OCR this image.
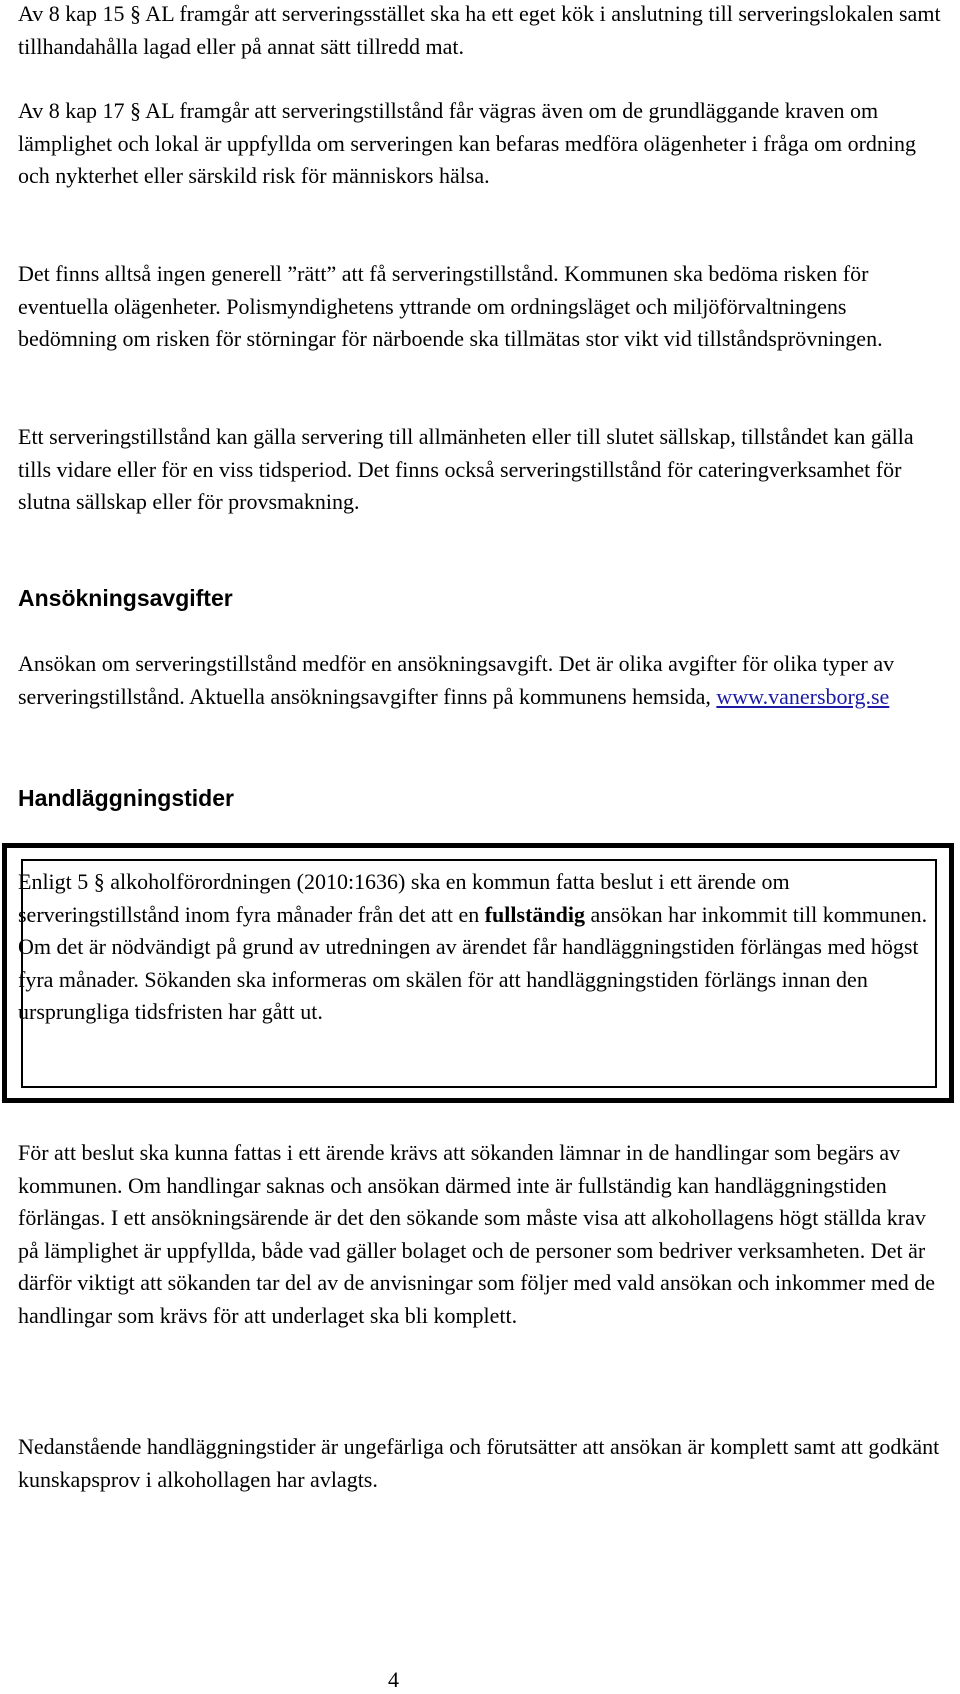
Av 8 kap 15 § AL framgår att serveringsstället ska ha ett eget kök i anslutning till serveringslokalen samt tillhandahålla lagad eller på annat sätt tillredd mat.

Av 8 kap 17 § AL framgår att serveringstillstånd får vägras även om de grundläggande kraven om lämplighet och lokal är uppfyllda om serveringen kan befaras medföra olägenheter i fråga om ordning och nykterhet eller särskild risk för människors hälsa.

Det finns alltså ingen generell ”rätt” att få serveringstillstånd. Kommunen ska bedöma risken för eventuella olägenheter. Polismyndighetens yttrande om ordningsläget och miljöförvaltningens bedömning om risken för störningar för närboende ska tillmätas stor vikt vid tillståndsprövningen.

Ett serveringstillstånd kan gälla servering till allmänheten eller till slutet sällskap, tillståndet kan gälla tills vidare eller för en viss tidsperiod. Det finns också serveringstillstånd för cateringverksamhet för slutna sällskap eller för provsmakning.

Ansökningsavgifter

Ansökan om serveringstillstånd medför en ansökningsavgift. Det är olika avgifter för olika typer av serveringstillstånd. Aktuella ansökningsavgifter finns på kommunens hemsida, www.vanersborg.se

Handläggningstider

Enligt 5 § alkoholförordningen (2010:1636) ska en kommun fatta beslut i ett ärende om serveringstillstånd inom fyra månader från det att en fullständig ansökan har inkommit till kommunen. Om det är nödvändigt på grund av utredningen av ärendet får handläggningstiden förlängas med högst fyra månader. Sökanden ska informeras om skälen för att handläggningstiden förlängs innan den ursprungliga tidsfristen har gått ut.

För att beslut ska kunna fattas i ett ärende krävs att sökanden lämnar in de handlingar som begärs av kommunen. Om handlingar saknas och ansökan därmed inte är fullständig kan handläggningstiden förlängas. I ett ansökningsärende är det den sökande som måste visa att alkohollagens högt ställda krav på lämplighet är uppfyllda, både vad gäller bolaget och de personer som bedriver verksamheten. Det är därför viktigt att sökanden tar del av de anvisningar som följer med vald ansökan och inkommer med de handlingar som krävs för att underlaget ska bli komplett.

Nedanstående handläggningstider är ungefärliga och förutsätter att ansökan är komplett samt att godkänt kunskapsprov i alkohollagen har avlagts.

4
